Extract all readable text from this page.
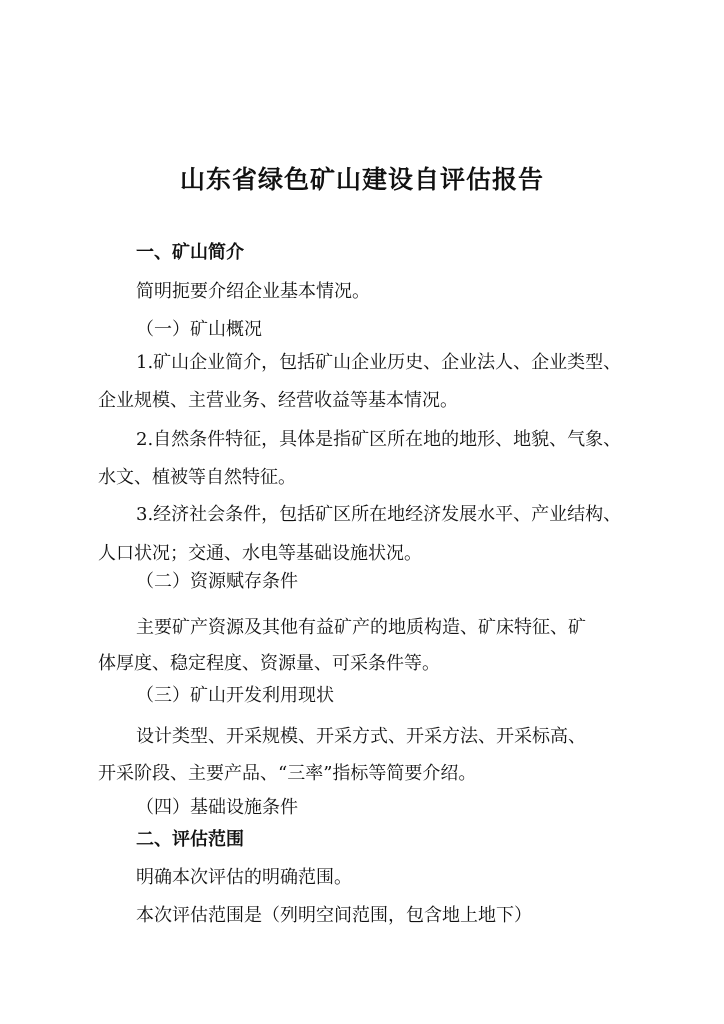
山东省绿色矿山建设自评估报告
一、矿山简介
简明扼要介绍企业基本情况。
（一）矿山概况
1.矿山企业简介，包括矿山企业历史、企业法人、企业类型、
企业规模、主营业务、经营收益等基本情况。
2.自然条件特征，具体是指矿区所在地的地形、地貌、气象、
水文、植被等自然特征。
3.经济社会条件，包括矿区所在地经济发展水平、产业结构、
人口状况；交通、水电等基础设施状况。
（二）资源赋存条件
主要矿产资源及其他有益矿产的地质构造、矿床特征、矿
体厚度、稳定程度、资源量、可采条件等。
（三）矿山开发利用现状
设计类型、开采规模、开采方式、开采方法、开采标高、
开采阶段、主要产品、“三率”指标等简要介绍。
（四）基础设施条件
二、评估范围
明确本次评估的明确范围。
本次评估范围是（列明空间范围，包含地上地下）
